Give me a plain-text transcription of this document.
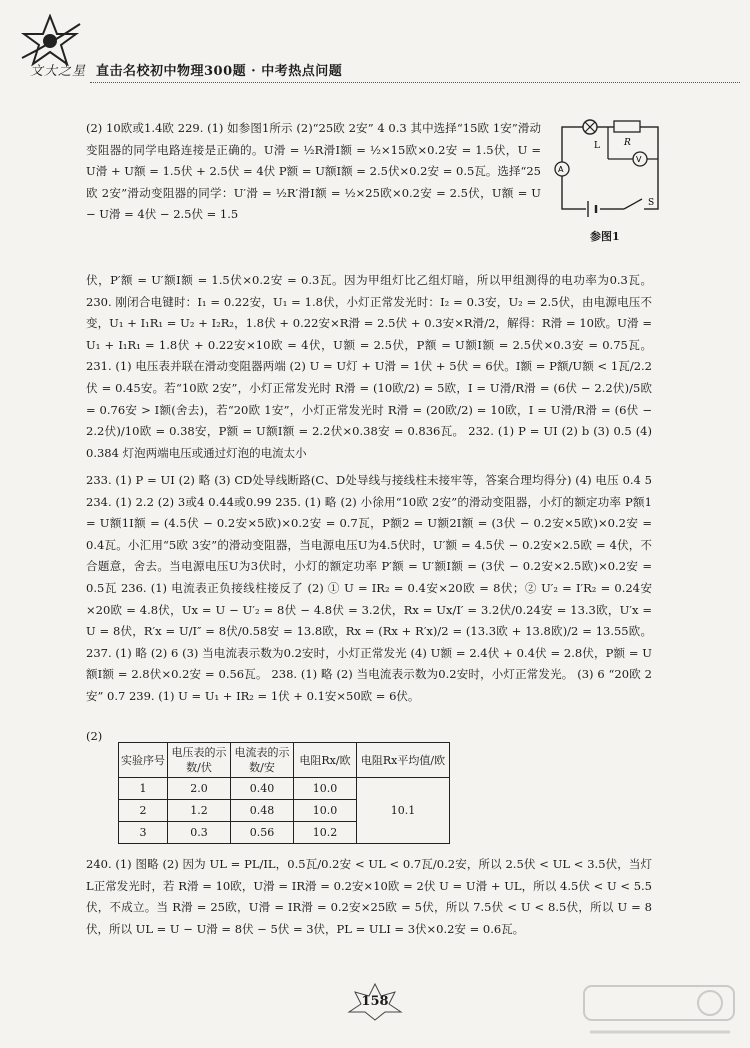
文大之星 直击名校初中物理300题 · 中考热点问题
L	R
A
V
S
参图1

(2) 10欧或1.4欧 229. (1) 如参图1所示 (2)“25欧 2安” 4 0.3 其中选择“15欧 1安”滑动变阻器的同学电路连接是正确的。U滑 = ½R滑I额 = ½×15欧×0.2安 = 1.5伏，U = U滑 + U额 = 1.5伏 + 2.5伏 = 4伏 P额 = U额I额 = 2.5伏×0.2安 = 0.5瓦。选择“25欧 2安”滑动变阻器的同学：U′滑 = ½R′滑I额 = ½×25欧×0.2安 = 2.5伏，U额 = U − U滑 = 4伏 − 2.5伏 = 1.5

伏，P′额 = U′额I额 = 1.5伏×0.2安 = 0.3瓦。因为甲组灯比乙组灯暗，所以甲组测得的电功率为0.3瓦。 230. 刚闭合电键时：I₁ = 0.22安，U₁ = 1.8伏，小灯正常发光时：I₂ = 0.3安，U₂ = 2.5伏，由电源电压不变，U₁ + I₁R₁ = U₂ + I₂R₂，1.8伏 + 0.22安×R滑 = 2.5伏 + 0.3安×R滑/2，解得：R滑 = 10欧。U滑 = U₁ + I₁R₁ = 1.8伏 + 0.22安×10欧 = 4伏，U额 = 2.5伏，P额 = U额I额 = 2.5伏×0.3安 = 0.75瓦。 231. (1) 电压表并联在滑动变阻器两端 (2) U = U灯 + U滑 = 1伏 + 5伏 = 6伏。I额 = P额/U额 < 1瓦/2.2伏 = 0.45安。若“10欧 2安”，小灯正常发光时 R滑 = (10欧/2) = 5欧，I = U滑/R滑 = (6伏 − 2.2伏)/5欧 = 0.76安 > I额(舍去)，若“20欧 1安”，小灯正常发光时 R滑 = (20欧/2) = 10欧，I = U滑/R滑 = (6伏 − 2.2伏)/10欧 = 0.38安，P额 = U额I额 = 2.2伏×0.38安 = 0.836瓦。 232. (1) P = UI (2) b (3) 0.5 (4) 0.384 灯泡两端电压或通过灯泡的电流太小

233. (1) P = UI (2) 略 (3) CD处导线断路(C、D处导线与接线柱未接牢等，答案合理均得分) (4) 电压 0.4 5 234. (1) 2.2 (2) 3或4 0.44或0.99 235. (1) 略 (2) 小徐用“10欧 2安”的滑动变阻器，小灯的额定功率 P额1 = U额1I额 = (4.5伏 − 0.2安×5欧)×0.2安 = 0.7瓦，P额2 = U额2I额 = (3伏 − 0.2安×5欧)×0.2安 = 0.4瓦。小汇用“5欧 3安”的滑动变阻器，当电源电压U为4.5伏时，U′额 = 4.5伏 − 0.2安×2.5欧 = 4伏，不合题意，舍去。当电源电压U为3伏时，小灯的额定功率 P′额 = U′额I额 = (3伏 − 0.2安×2.5欧)×0.2安 = 0.5瓦 236. (1) 电流表正负接线柱接反了 (2) ① U = IR₂ = 0.4安×20欧 = 8伏；② U′₂ = I′R₂ = 0.24安×20欧 = 4.8伏，Ux = U − U′₂ = 8伏 − 4.8伏 = 3.2伏，Rx = Ux/I′ = 3.2伏/0.24安 = 13.3欧，U′x = U = 8伏，R′x = U/I″ = 8伏/0.58安 = 13.8欧，Rx = (Rx + R′x)/2 = (13.3欧 + 13.8欧)/2 = 13.55欧。 237. (1) 略 (2) 6 (3) 当电流表示数为0.2安时，小灯正常发光 (4) U额 = 2.4伏 + 0.4伏 = 2.8伏，P额 = U额I额 = 2.8伏×0.2安 = 0.56瓦。 238. (1) 略 (2) 当电流表示数为0.2安时，小灯正常发光。 (3) 6 “20欧 2安” 0.7 239. (1) U = U₁ + IR₂ = 1伏 + 0.1安×50欧 = 6伏。

(2)
实验序号	电压表的示数/伏	电流表的示数/安	电阻Rx/欧	电阻Rx平均值/欧
1	2.0	0.40	10.0	10.1
2	1.2	0.48	10.0	
3	0.3	0.56	10.2	

240. (1) 图略 (2) 因为 UL = PL/IL，0.5瓦/0.2安 < UL < 0.7瓦/0.2安，所以 2.5伏 < UL < 3.5伏，当灯L正常发光时，若 R滑 = 10欧，U滑 = IR滑 = 0.2安×10欧 = 2伏 U = U滑 + UL，所以 4.5伏 < U < 5.5伏，不成立。当 R滑 = 25欧，U滑 = IR滑 = 0.2安×25欧 = 5伏，所以 7.5伏 < U < 8.5伏，所以 U = 8伏，所以 UL = U − U滑 = 8伏 − 5伏 = 3伏，PL = ULI = 3伏×0.2安 = 0.6瓦。

158
